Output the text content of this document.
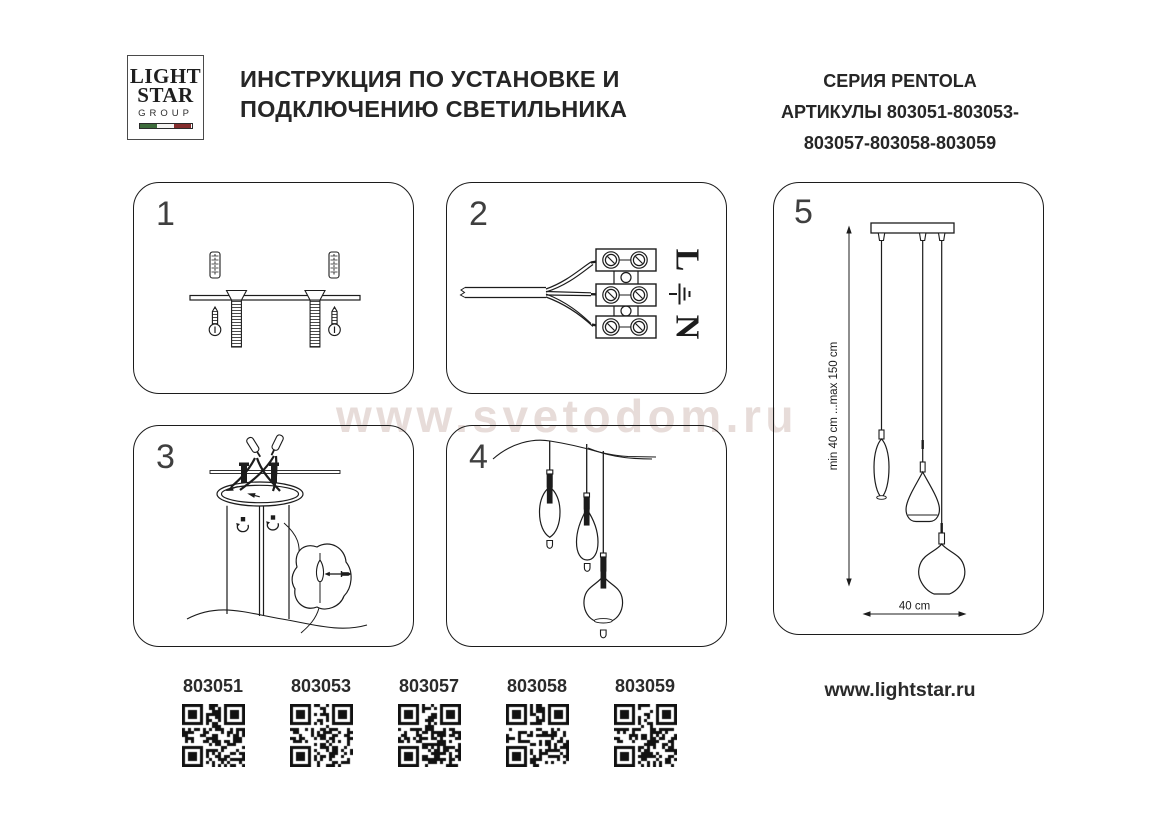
LIGHT
STAR
GROUP
ИНСТРУКЦИЯ ПО УСТАНОВКЕ И
ПОДКЛЮЧЕНИЮ СВЕТИЛЬНИКА
СЕРИЯ PENTOLA
АРТИКУЛЫ 803051-803053-
803057-803058-803059
www.svetodom.ru
1	2
L
N
3	4
5
min 40 cm ...max 150 cm
40 cm
803051	803053	803057	803058	803059	www.lightstar.ru
